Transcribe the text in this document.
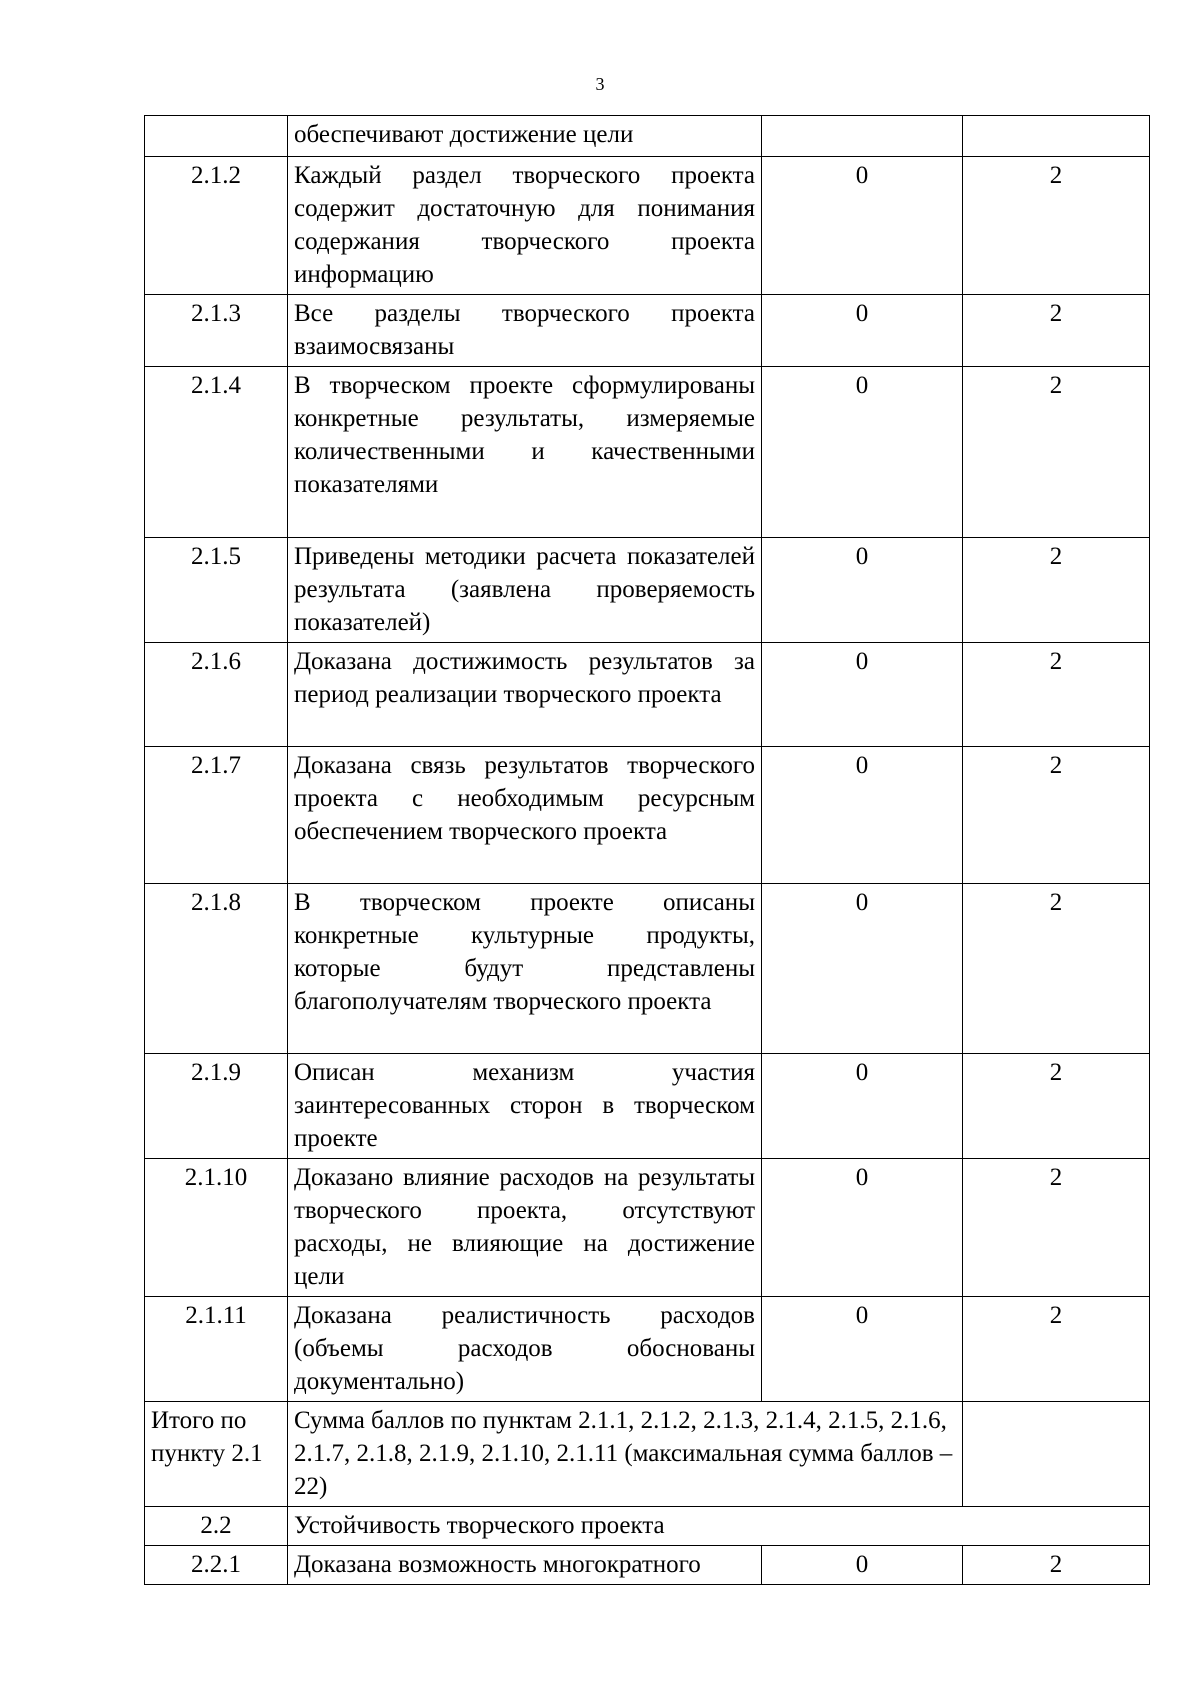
3
	обеспечивают достижение цели		
2.1.2	Каждый раздел творческого проекта содержит достаточную для понимания содержания творческого проекта информацию	0	2
2.1.3	Все разделы творческого проекта взаимосвязаны	0	2
2.1.4	В творческом проекте сформулированы конкретные результаты, измеряемые количественными и качественными показателями	0	2
2.1.5	Приведены методики расчета показателей результата (заявлена проверяемость показателей)	0	2
2.1.6	Доказана достижимость результатов за период реализации творческого проекта	0	2
2.1.7	Доказана связь результатов творческого проекта с необходимым ресурсным обеспечением творческого проекта	0	2
2.1.8	В творческом проекте описаны конкретные культурные продукты, которые будут представлены благополучателям творческого проекта	0	2
2.1.9	Описан механизм участия заинтересованных сторон в творческом проекте	0	2
2.1.10	Доказано влияние расходов на результаты творческого проекта, отсутствуют расходы, не влияющие на достижение цели	0	2
2.1.11	Доказана реалистичность расходов (объемы расходов обоснованы документально)	0	2
Итого по пункту 2.1	Сумма баллов по пунктам 2.1.1, 2.1.2, 2.1.3, 2.1.4, 2.1.5, 2.1.6, 2.1.7, 2.1.8, 2.1.9, 2.1.10, 2.1.11 (максимальная сумма баллов – 22)		
2.2	Устойчивость творческого проекта		
2.2.1	Доказана возможность многократного	0	2
